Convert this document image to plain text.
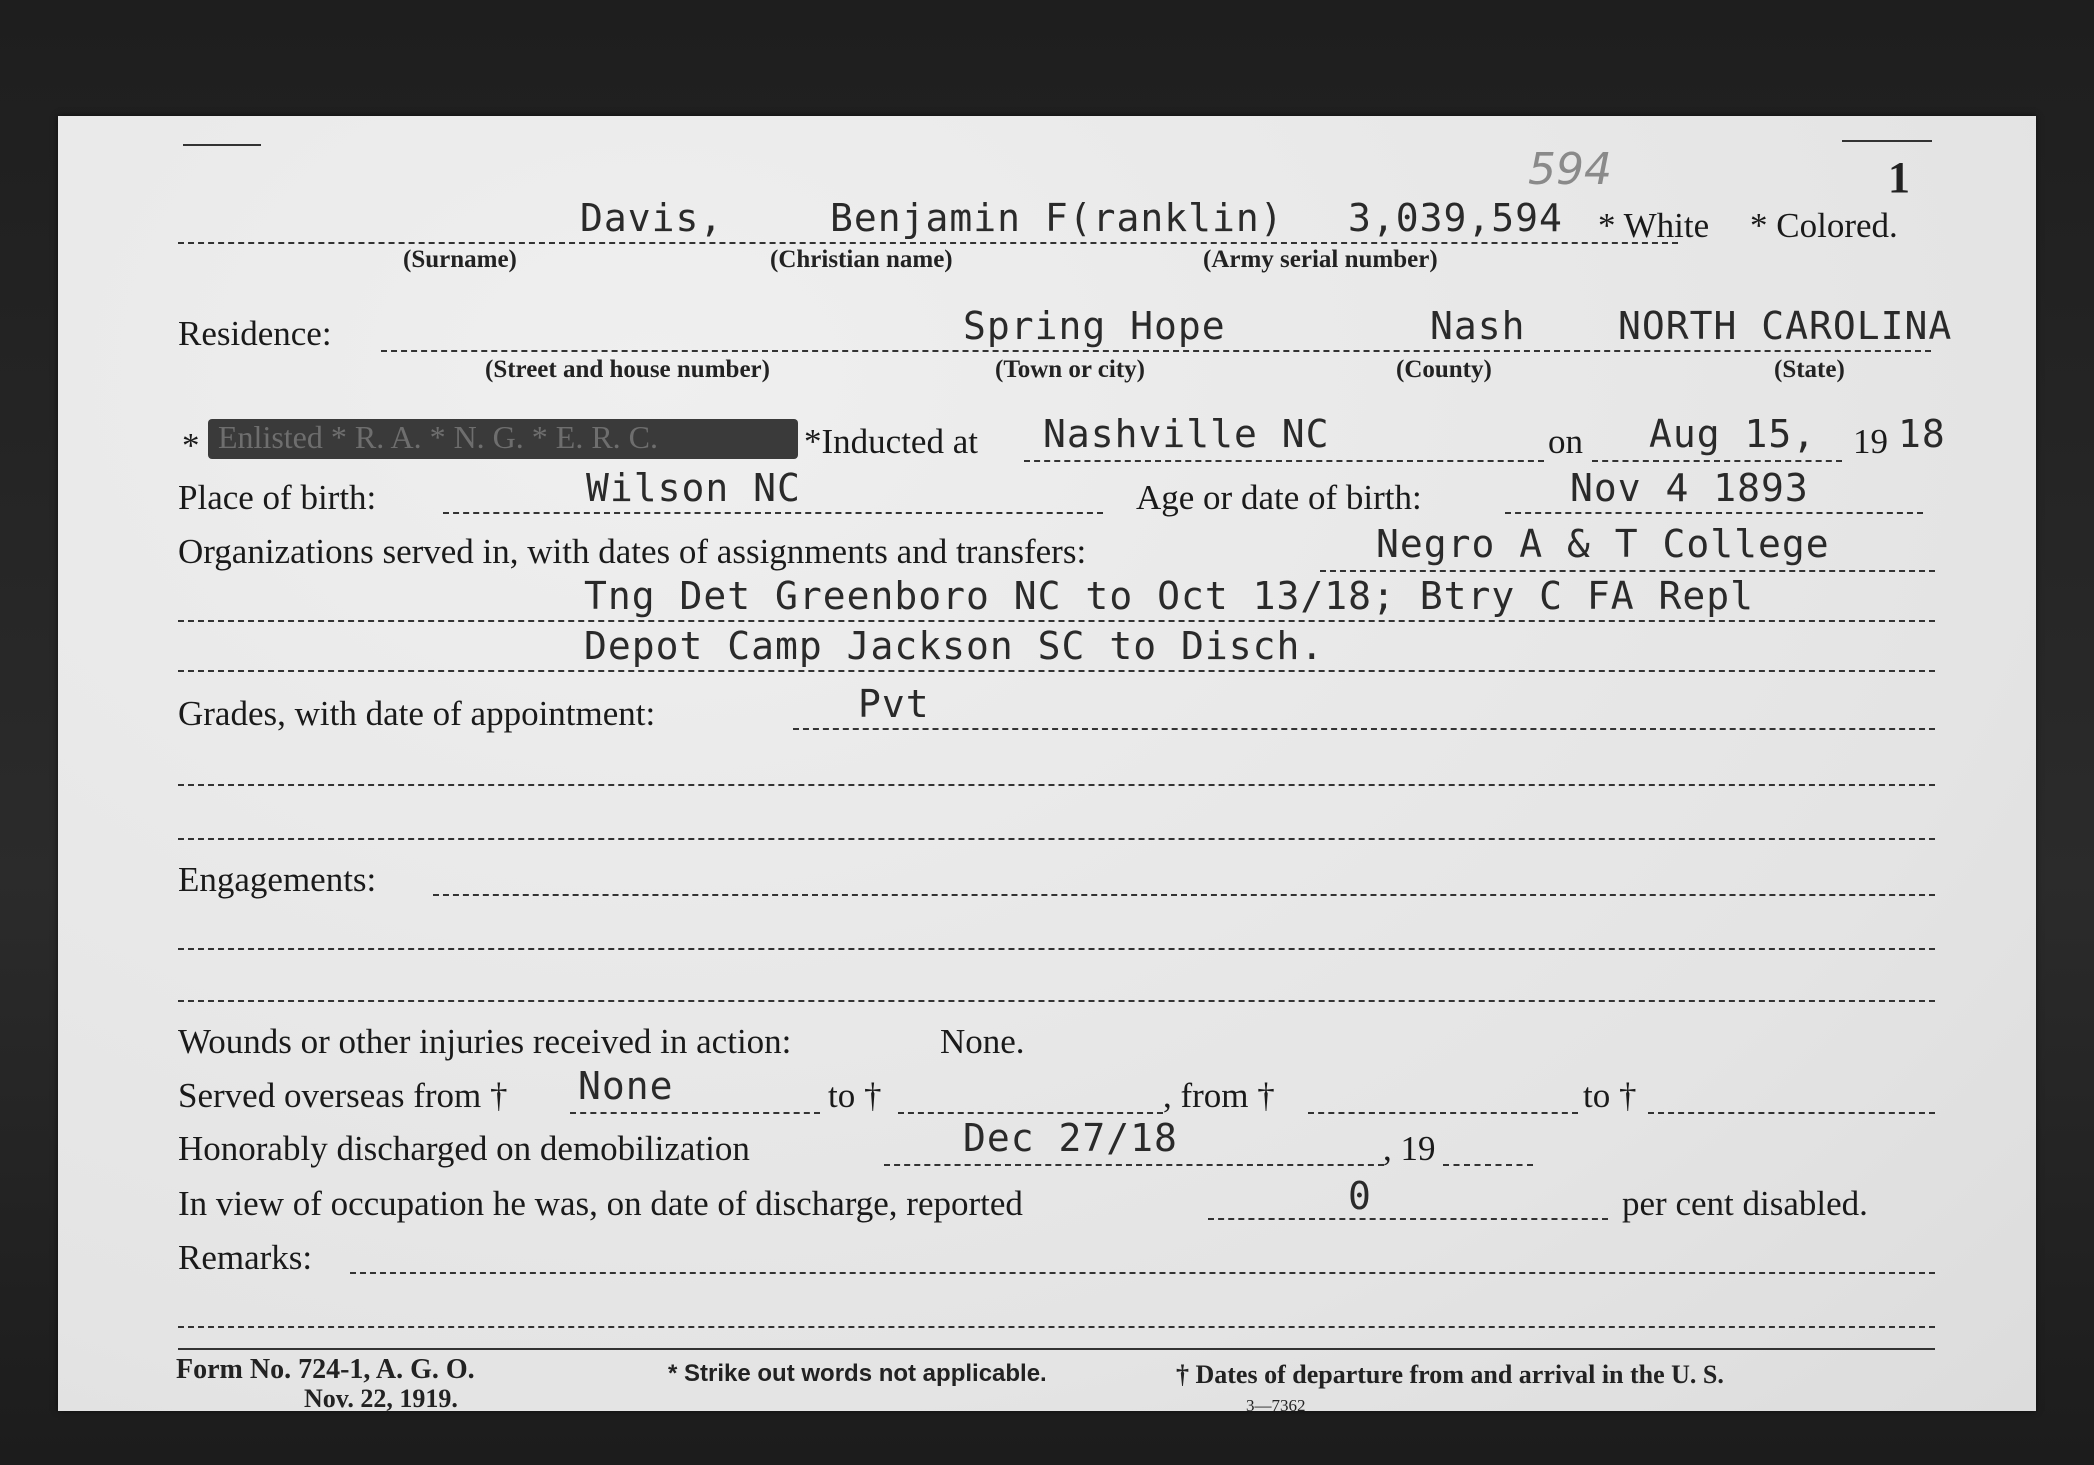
1
594
Davis,	Benjamin F(ranklin) 3,039,594 * White * Colored.
(Surname)	(Christian name)	(Army serial number)
Residence:	Spring Hope	Nash NORTH CAROLINA
(Street and house number)	(Town or city)	(County)	(State)
* Enlisted * R. A. * N. G. * E. R. C.	*Inducted at Nashville NC	on Aug 15, 19 18
Place of birth:	Wilson NC	Age or date of birth:	Nov 4 1893
Organizations served in, with dates of assignments and transfers:	Negro A & T College
Tng Det Greenboro NC to Oct 13/18; Btry C FA Repl
Depot Camp Jackson SC to Disch.
Grades, with date of appointment:	Pvt
Engagements:
Wounds or other injuries received in action:	None.
Served overseas from † None	to †	, from †	to †
Honorably discharged on demobilization	Dec 27/18	, 19
In view of occupation he was, on date of discharge, reported	0	per cent disabled.
Remarks:
Form No. 724-1, A. G. O.
Nov. 22, 1919.
* Strike out words not applicable.	† Dates of departure from and arrival in the U. S.
3—7362
